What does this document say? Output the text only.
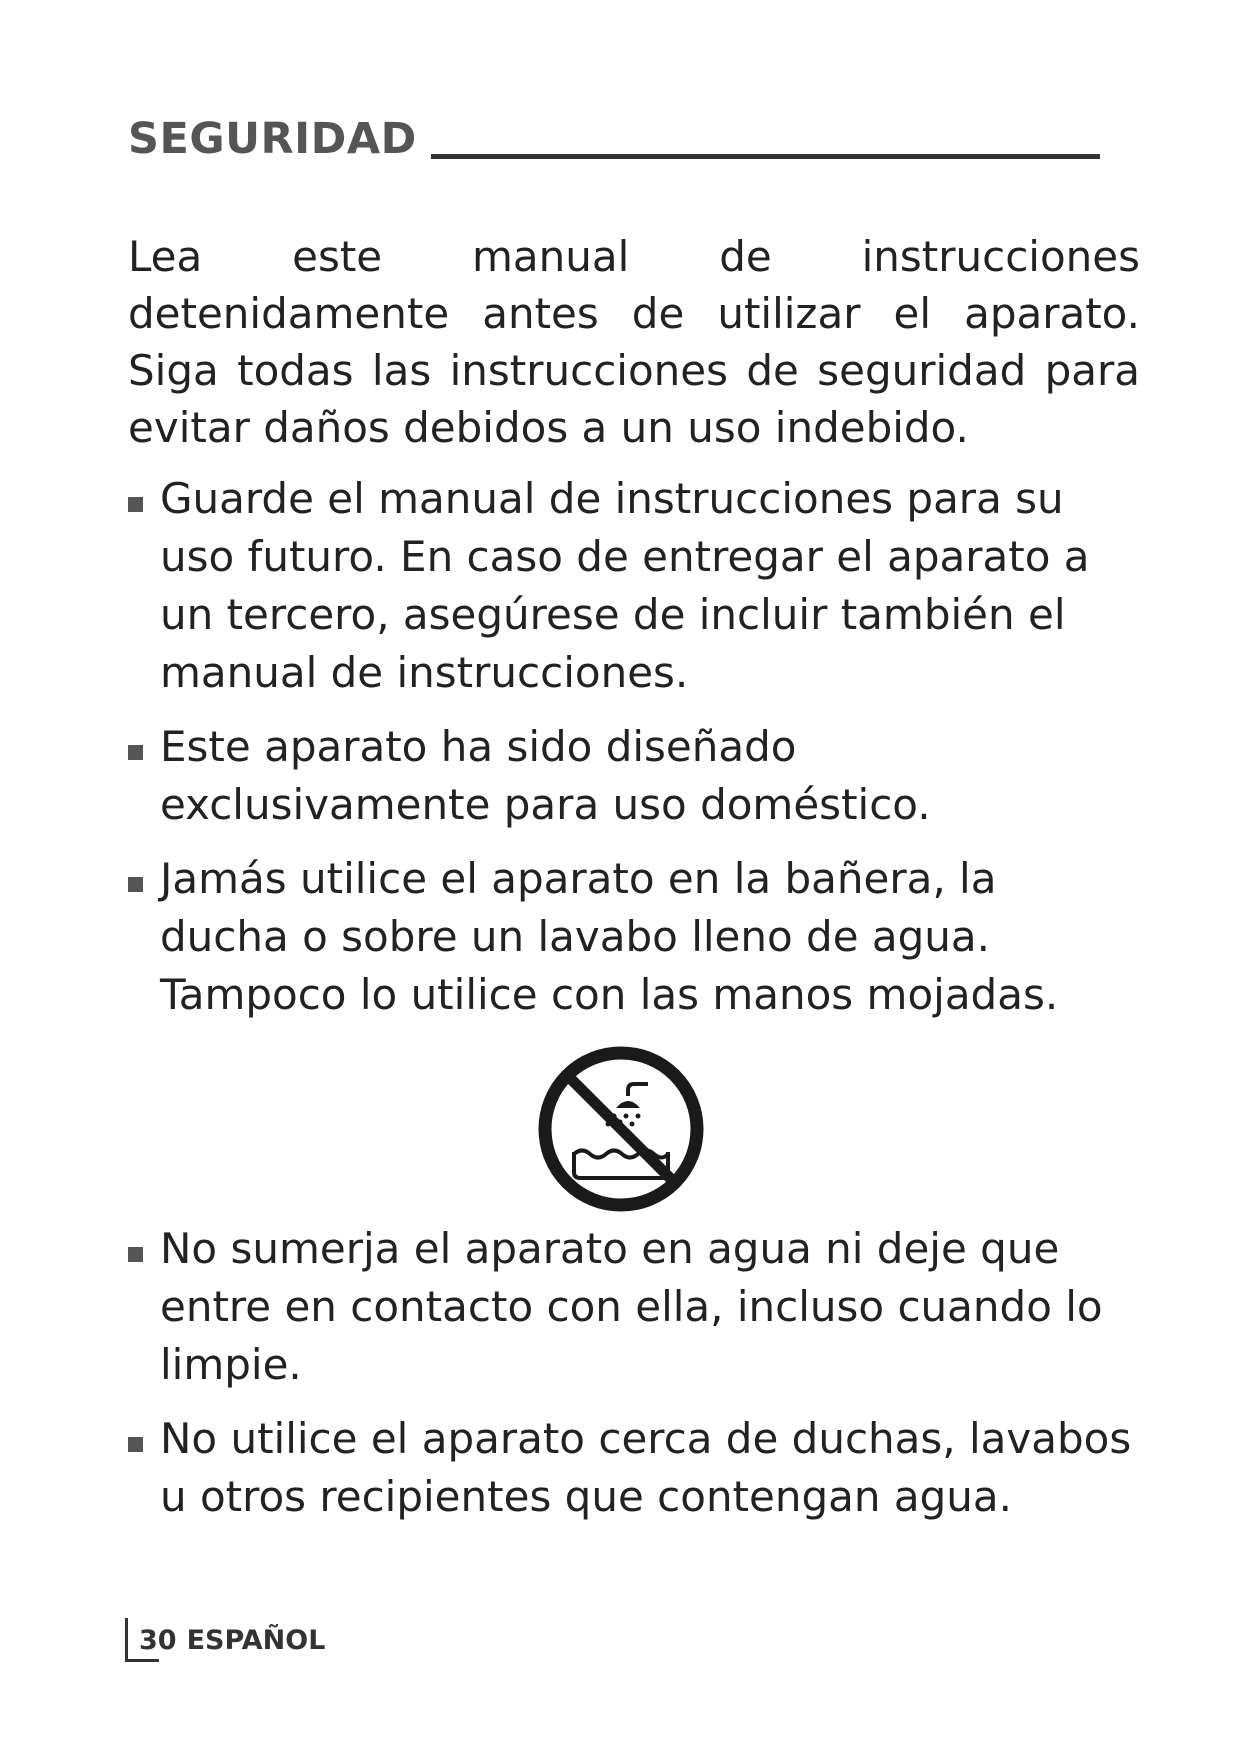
SEGURIDAD

Lea este manual de instrucciones detenidamente antes de utilizar el aparato. Siga todas las instrucciones de seguridad para evitar daños debidos a un uso indebido.

Guarde el manual de instrucciones para su uso futuro. En caso de entregar el aparato a un tercero, asegúrese de incluir también el manual de instrucciones.
Este aparato ha sido diseñado exclusivamente para uso doméstico.
Jamás utilice el aparato en la bañera, la ducha o sobre un lavabo lleno de agua. Tampoco lo utilice con las manos mojadas.
No sumerja el aparato en agua ni deje que entre en contacto con ella, incluso cuando lo limpie.
No utilice el aparato cerca de duchas, lavabos u otros recipientes que contengan agua.
30 ESPAÑOL
